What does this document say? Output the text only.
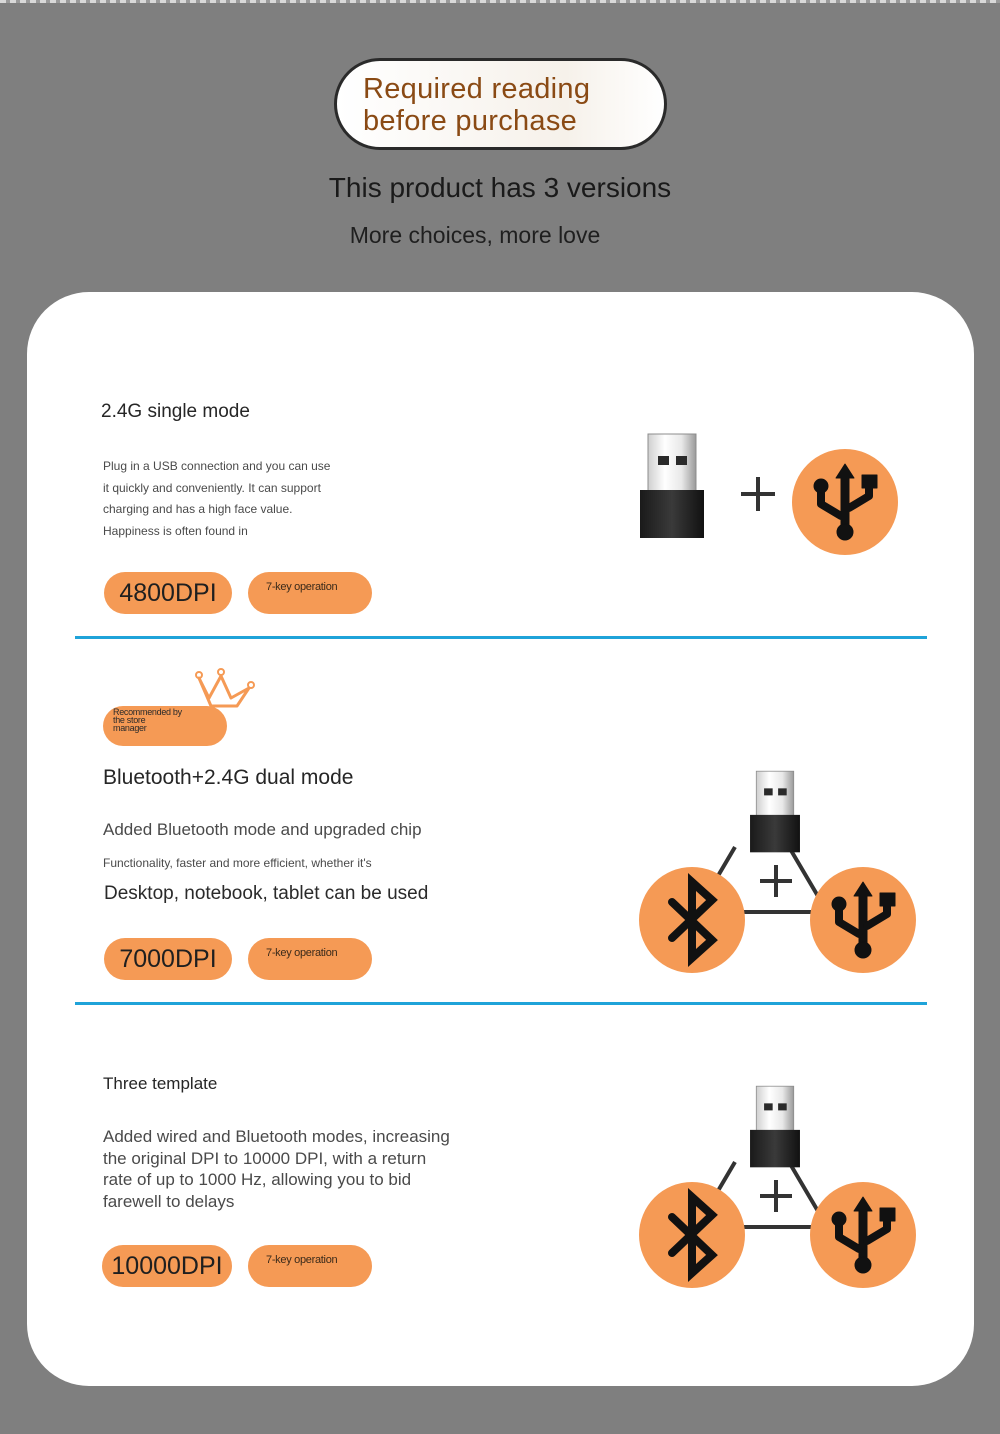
Required reading
before purchase
This product has 3 versions
More choices, more love
2.4G single mode
Plug in a USB connection and you can use
it quickly and conveniently. It can support
charging and has a high face value.
Happiness is often found in
4800DPI	7-key operation
Recommended by
the store
manager
Bluetooth+2.4G dual mode
Added Bluetooth mode and upgraded chip
Functionality, faster and more efficient, whether it's
Desktop, notebook, tablet can be used
7000DPI	7-key operation
Three template
Added wired and Bluetooth modes, increasing
the original DPI to 10000 DPI, with a return
rate of up to 1000 Hz, allowing you to bid
farewell to delays
10000DPI	7-key operation
